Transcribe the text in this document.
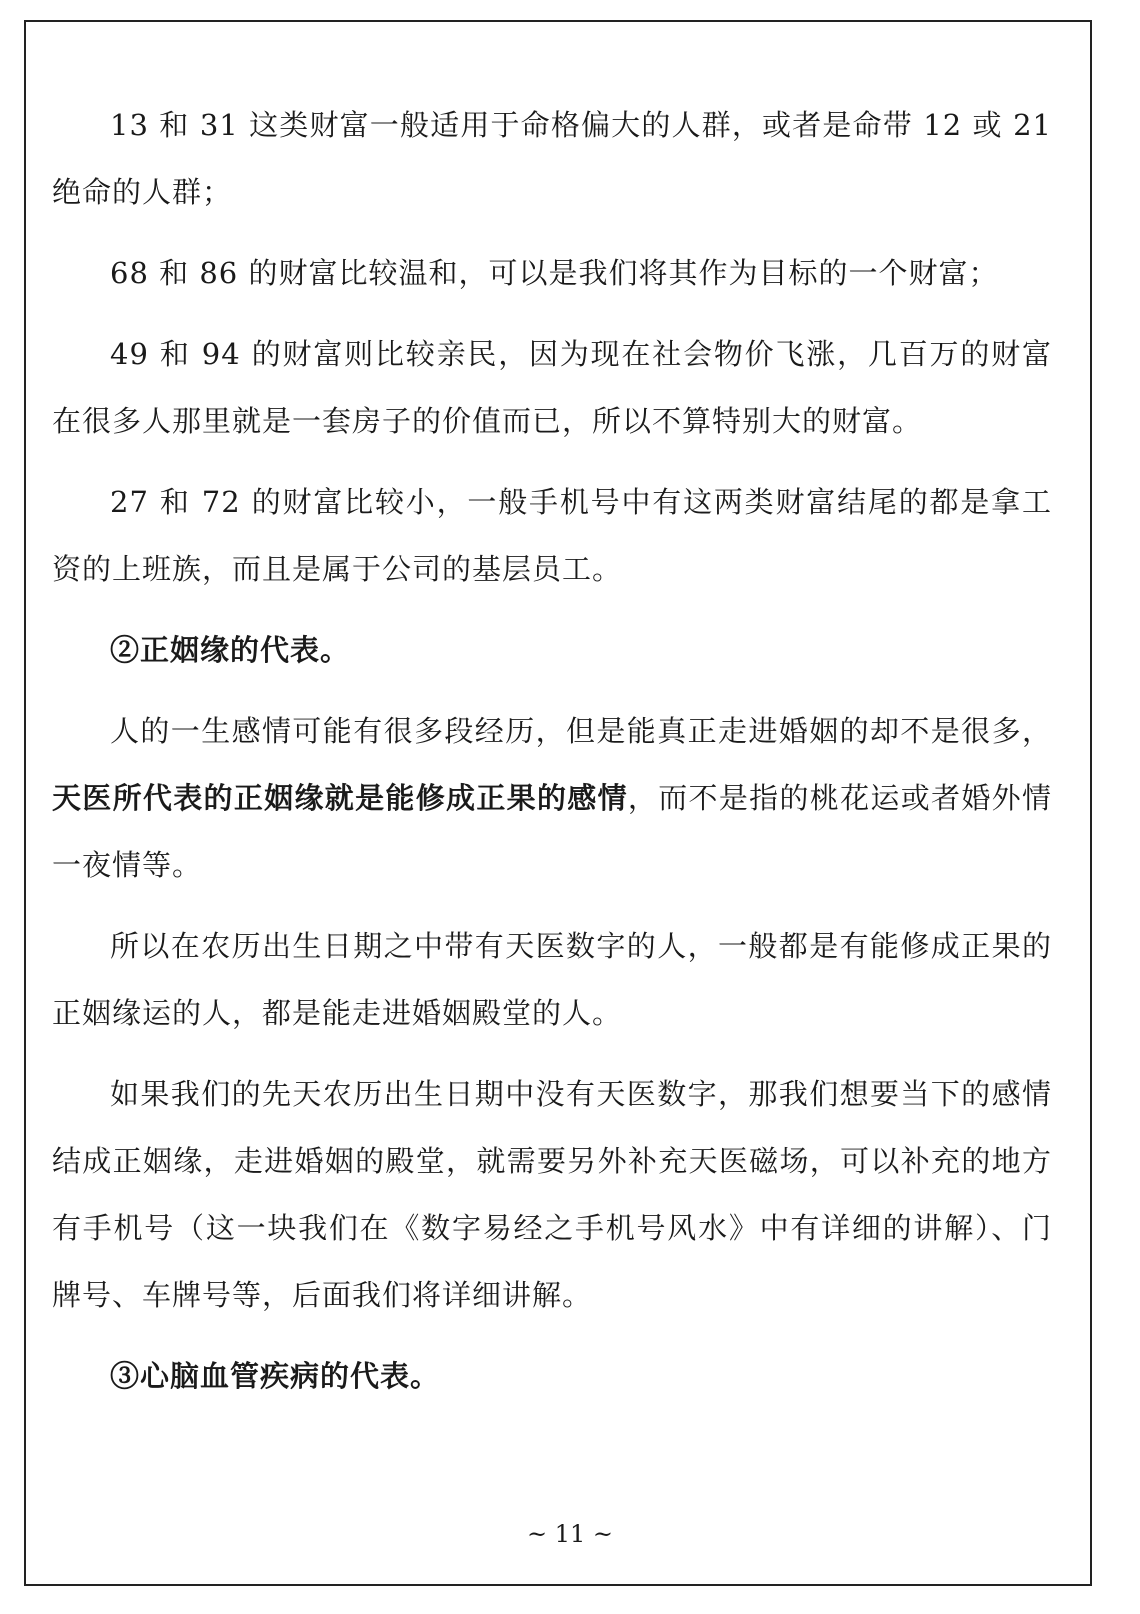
13 和 31 这类财富一般适用于命格偏大的人群，或者是命带 12 或 21 绝命的人群；

68 和 86 的财富比较温和，可以是我们将其作为目标的一个财富；

49 和 94 的财富则比较亲民，因为现在社会物价飞涨，几百万的财富在很多人那里就是一套房子的价值而已，所以不算特别大的财富。

27 和 72 的财富比较小，一般手机号中有这两类财富结尾的都是拿工资的上班族，而且是属于公司的基层员工。

②正姻缘的代表。

人的一生感情可能有很多段经历，但是能真正走进婚姻的却不是很多，天医所代表的正姻缘就是能修成正果的感情，而不是指的桃花运或者婚外情一夜情等。

所以在农历出生日期之中带有天医数字的人，一般都是有能修成正果的正姻缘运的人，都是能走进婚姻殿堂的人。

如果我们的先天农历出生日期中没有天医数字，那我们想要当下的感情结成正姻缘，走进婚姻的殿堂，就需要另外补充天医磁场，可以补充的地方有手机号（这一块我们在《数字易经之手机号风水》中有详细的讲解）、门牌号、车牌号等，后面我们将详细讲解。

③心脑血管疾病的代表。

~ 11 ~
